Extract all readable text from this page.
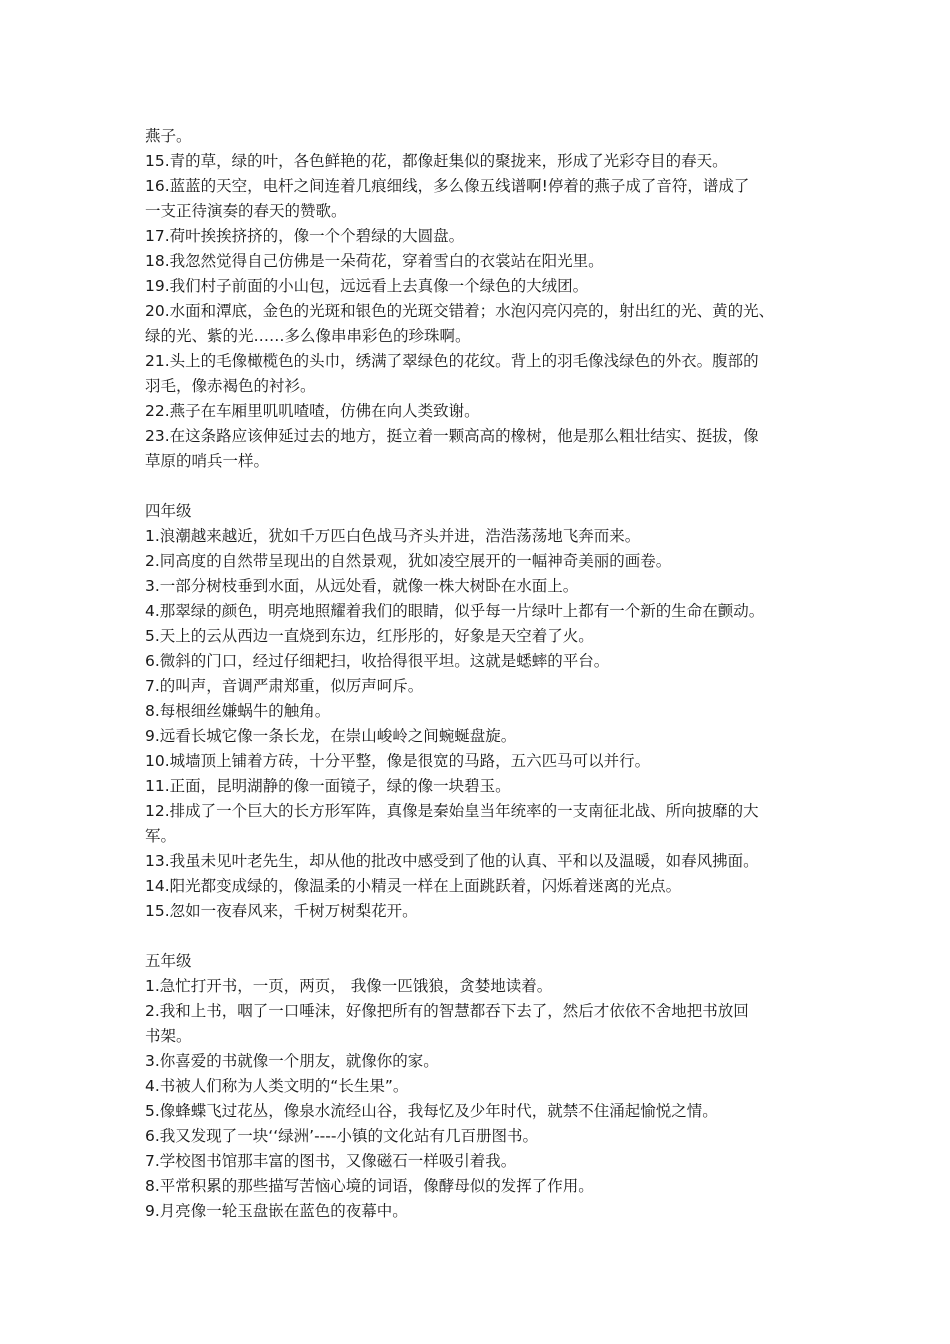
燕子。
15.青的草，绿的叶，各色鲜艳的花，都像赶集似的聚拢来，形成了光彩夺目的春天。
16.蓝蓝的天空，电杆之间连着几痕细线，多么像五线谱啊!停着的燕子成了音符，谱成了
一支正待演奏的春天的赞歌。
17.荷叶挨挨挤挤的，像一个个碧绿的大圆盘。
18.我忽然觉得自己仿佛是一朵荷花，穿着雪白的衣裳站在阳光里。
19.我们村子前面的小山包，远远看上去真像一个绿色的大绒团。
20.水面和潭底，金色的光斑和银色的光斑交错着；水泡闪亮闪亮的，射出红的光、黄的光、
绿的光、紫的光……多么像串串彩色的珍珠啊。
21.头上的毛像橄榄色的头巾，绣满了翠绿色的花纹。背上的羽毛像浅绿色的外衣。腹部的
羽毛，像赤褐色的衬衫。
22.燕子在车厢里叽叽喳喳，仿佛在向人类致谢。
23.在这条路应该伸延过去的地方，挺立着一颗高高的橡树，他是那么粗壮结实、挺拔，像
草原的哨兵一样。
四年级
1.浪潮越来越近，犹如千万匹白色战马齐头并进，浩浩荡荡地飞奔而来。
2.同高度的自然带呈现出的自然景观，犹如凌空展开的一幅神奇美丽的画卷。
3.一部分树枝垂到水面，从远处看，就像一株大树卧在水面上。
4.那翠绿的颜色，明亮地照耀着我们的眼睛，似乎每一片绿叶上都有一个新的生命在颤动。
5.天上的云从西边一直烧到东边，红彤彤的，好象是天空着了火。
6.微斜的门口，经过仔细耙扫，收拾得很平坦。这就是蟋蟀的平台。
7.的叫声，音调严肃郑重，似厉声呵斥。
8.每根细丝嫌蜗牛的触角。
9.远看长城它像一条长龙，在崇山峻岭之间蜿蜒盘旋。
10.城墙顶上铺着方砖，十分平整，像是很宽的马路，五六匹马可以并行。
11.正面，昆明湖静的像一面镜子，绿的像一块碧玉。
12.排成了一个巨大的长方形军阵，真像是秦始皇当年统率的一支南征北战、所向披靡的大
军。
13.我虽未见叶老先生，却从他的批改中感受到了他的认真、平和以及温暖，如春风拂面。
14.阳光都变成绿的，像温柔的小精灵一样在上面跳跃着，闪烁着迷离的光点。
15.忽如一夜春风来，千树万树梨花开。
五年级
1.急忙打开书，一页，两页， 我像一匹饿狼，贪婪地读着。
2.我和上书，咽了一口唾沫，好像把所有的智慧都吞下去了，然后才依依不舍地把书放回
书架。
3.你喜爱的书就像一个朋友，就像你的家。
4.书被人们称为人类文明的“长生果”。
5.像蜂蝶飞过花丛，像泉水流经山谷，我每忆及少年时代，就禁不住涌起愉悦之情。
6.我又发现了一块‘‘绿洲’----小镇的文化站有几百册图书。
7.学校图书馆那丰富的图书，又像磁石一样吸引着我。
8.平常积累的那些描写苦恼心境的词语，像酵母似的发挥了作用。
9.月亮像一轮玉盘嵌在蓝色的夜幕中。
